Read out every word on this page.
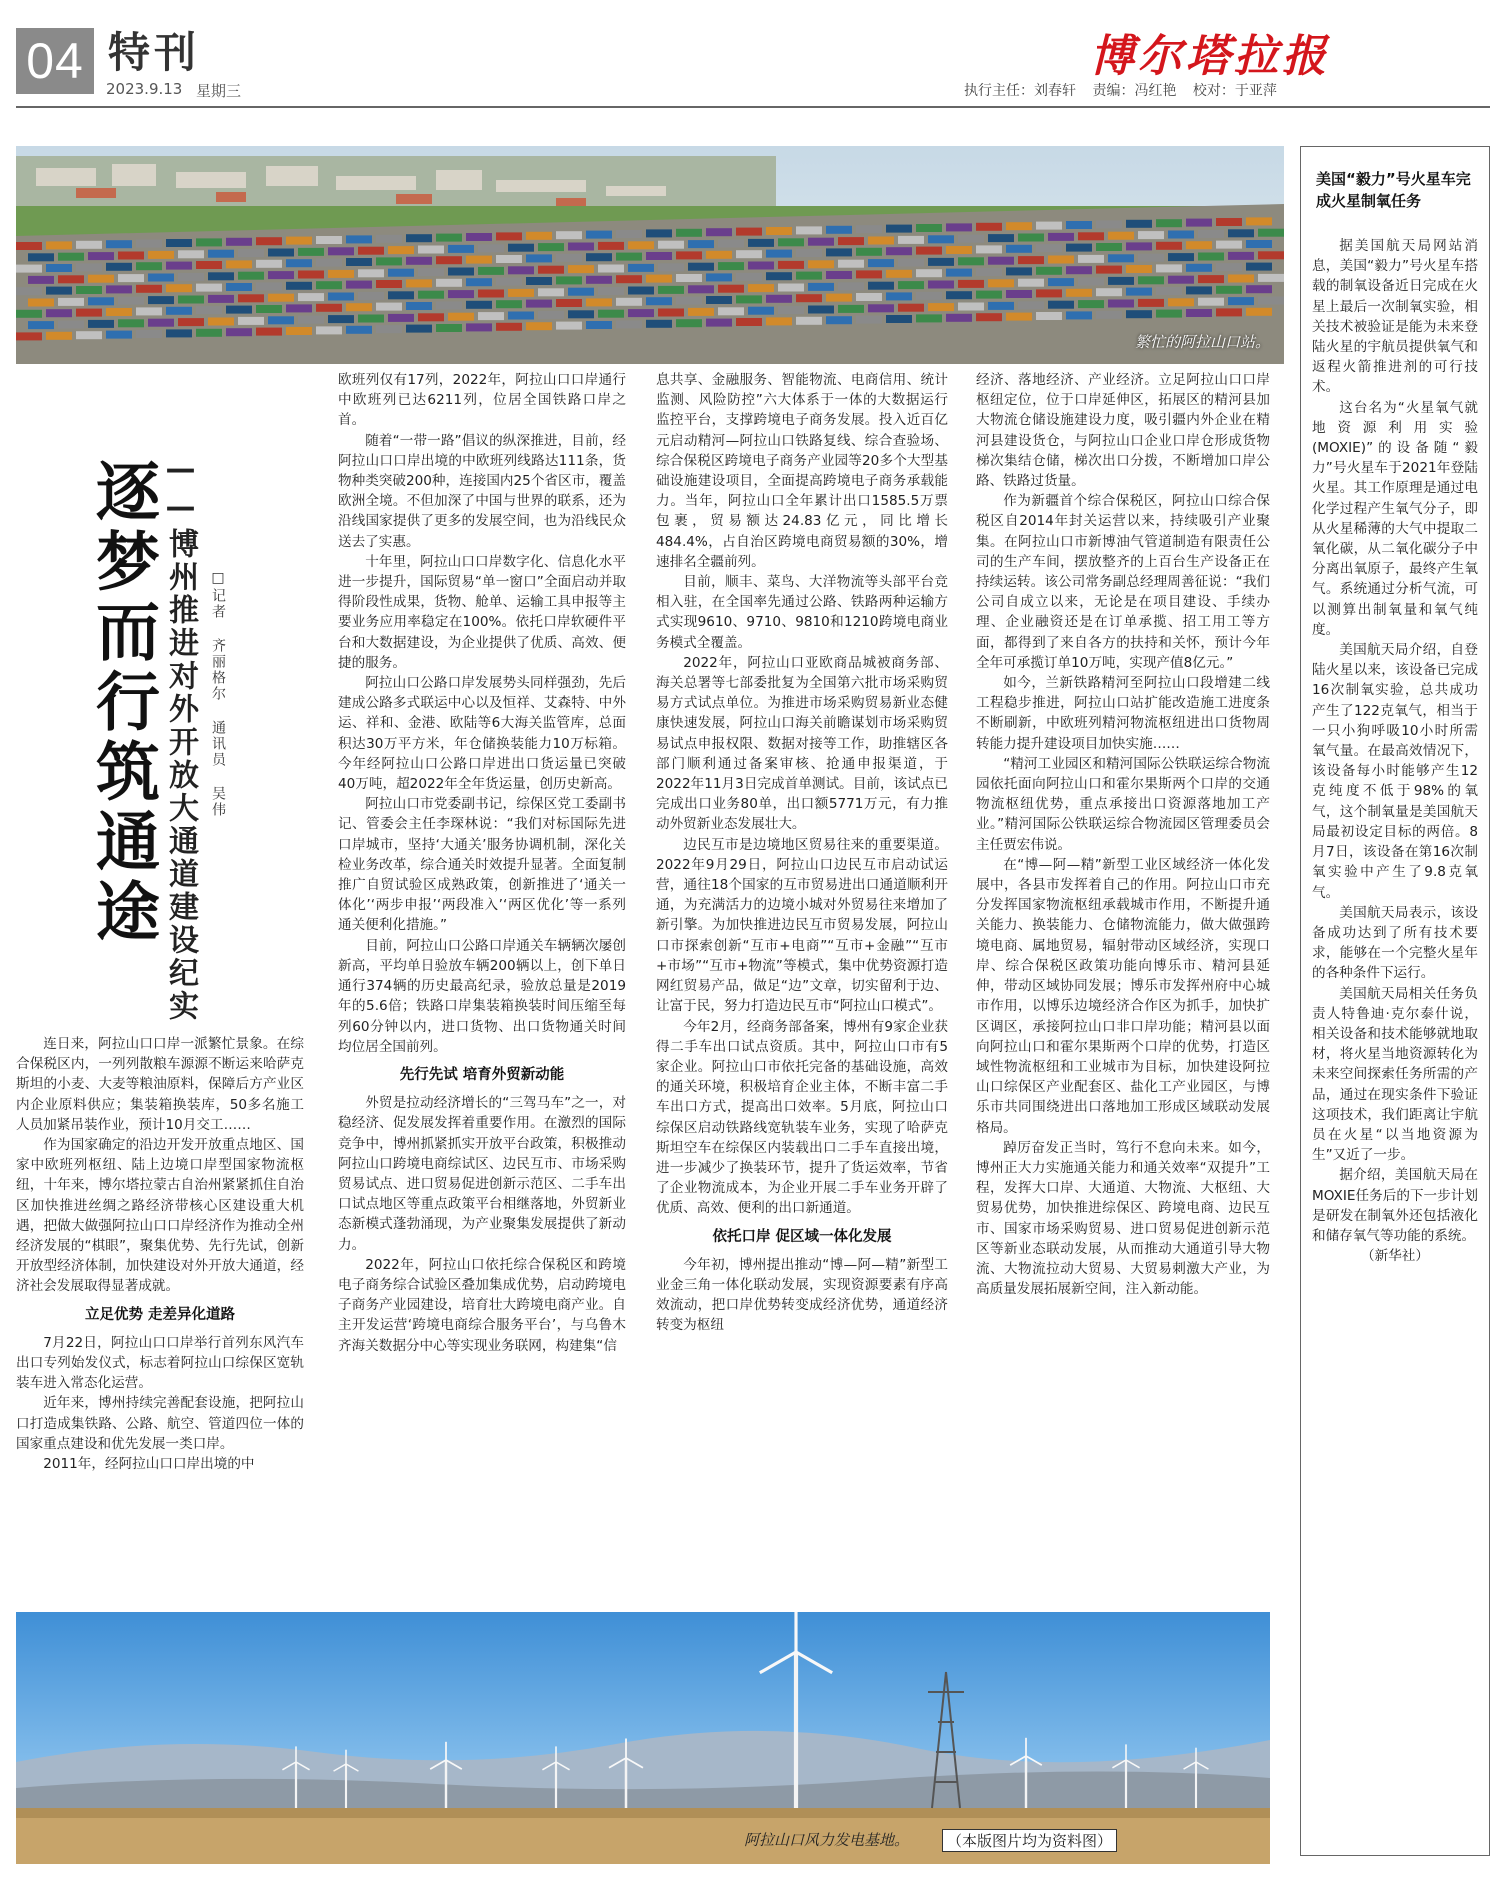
04 特刊
2023.9.13 星期三
博尔塔拉报
执行主任：刘春轩 责编：冯红艳 校对：于亚萍
繁忙的阿拉山口站。
逐梦而行筑通途 ——博州推进对外开放大通道建设纪实 □记者 齐丽格尔 通讯员 吴伟

连日来，阿拉山口口岸一派繁忙景象。在综合保税区内，一列列散粮车源源不断运来哈萨克斯坦的小麦、大麦等粮油原料，保障后方产业区内企业原料供应；集装箱换装库，50多名施工人员加紧吊装作业，预计10月交工……

作为国家确定的沿边开发开放重点地区、国家中欧班列枢纽、陆上边境口岸型国家物流枢纽，十年来，博尔塔拉蒙古自治州紧紧抓住自治区加快推进丝绸之路经济带核心区建设重大机遇，把做大做强阿拉山口口岸经济作为推动全州经济发展的“棋眼”，聚集优势、先行先试，创新开放型经济体制，加快建设对外开放大通道，经济社会发展取得显著成就。

立足优势 走差异化道路

7月22日，阿拉山口口岸举行首列东风汽车出口专列始发仪式，标志着阿拉山口综保区宽轨装车进入常态化运营。

近年来，博州持续完善配套设施，把阿拉山口打造成集铁路、公路、航空、管道四位一体的国家重点建设和优先发展一类口岸。

2011年，经阿拉山口口岸出境的中

欧班列仅有17列，2022年，阿拉山口口岸通行中欧班列已达6211列，位居全国铁路口岸之首。

随着“一带一路”倡议的纵深推进，目前，经阿拉山口口岸出境的中欧班列线路达111条，货物种类突破200种，连接国内25个省区市，覆盖欧洲全境。不但加深了中国与世界的联系，还为沿线国家提供了更多的发展空间，也为沿线民众送去了实惠。

十年里，阿拉山口口岸数字化、信息化水平进一步提升，国际贸易“单一窗口”全面启动并取得阶段性成果，货物、舱单、运输工具申报等主要业务应用率稳定在100%。依托口岸软硬件平台和大数据建设，为企业提供了优质、高效、便捷的服务。

阿拉山口公路口岸发展势头同样强劲，先后建成公路多式联运中心以及恒祥、艾森特、中外运、祥和、金港、欧陆等6大海关监管库，总面积达30万平方米，年仓储换装能力10万标箱。今年经阿拉山口公路口岸进出口货运量已突破40万吨，超2022年全年货运量，创历史新高。

阿拉山口市党委副书记，综保区党工委副书记、管委会主任李琛林说：“我们对标国际先进口岸城市，坚持‘大通关’服务协调机制，深化关检业务改革，综合通关时效提升显著。全面复制推广自贸试验区成熟政策，创新推进了‘通关一体化’‘两步申报’‘两段准入’‘两区优化’等一系列通关便利化措施。”

目前，阿拉山口公路口岸通关车辆辆次屡创新高，平均单日验放车辆200辆以上，创下单日通行374辆的历史最高纪录，验放总量是2019年的5.6倍；铁路口岸集装箱换装时间压缩至每列60分钟以内，进口货物、出口货物通关时间均位居全国前列。

先行先试 培育外贸新动能

外贸是拉动经济增长的“三驾马车”之一，对稳经济、促发展发挥着重要作用。在激烈的国际竞争中，博州抓紧抓实开放平台政策，积极推动阿拉山口跨境电商综试区、边民互市、市场采购贸易试点、进口贸易促进创新示范区、二手车出口试点地区等重点政策平台相继落地，外贸新业态新模式蓬勃涌现，为产业聚集发展提供了新动力。

2022年，阿拉山口依托综合保税区和跨境电子商务综合试验区叠加集成优势，启动跨境电子商务产业园建设，培育壮大跨境电商产业。自主开发运营‘跨境电商综合服务平台’，与乌鲁木齐海关数据分中心等实现业务联网，构建集“信

息共享、金融服务、智能物流、电商信用、统计监测、风险防控”六大体系于一体的大数据运行监控平台，支撑跨境电子商务发展。投入近百亿元启动精河—阿拉山口铁路复线、综合查验场、综合保税区跨境电子商务产业园等20多个大型基础设施建设项目，全面提高跨境电子商务承载能力。当年，阿拉山口全年累计出口1585.5万票包裹，贸易额达24.83亿元，同比增长484.4%，占自治区跨境电商贸易额的30%，增速排名全疆前列。

目前，顺丰、菜鸟、大洋物流等头部平台竞相入驻，在全国率先通过公路、铁路两种运输方式实现9610、9710、9810和1210跨境电商业务模式全覆盖。

2022年，阿拉山口亚欧商品城被商务部、海关总署等七部委批复为全国第六批市场采购贸易方式试点单位。为推进市场采购贸易新业态健康快速发展，阿拉山口海关前瞻谋划市场采购贸易试点申报权限、数据对接等工作，助推辖区各部门顺利通过备案审核、抢通申报渠道，于2022年11月3日完成首单测试。目前，该试点已完成出口业务80单，出口额5771万元，有力推动外贸新业态发展壮大。

边民互市是边境地区贸易往来的重要渠道。2022年9月29日，阿拉山口边民互市启动试运营，通往18个国家的互市贸易进出口通道顺利开通，为充满活力的边境小城对外贸易往来增加了新引擎。为加快推进边民互市贸易发展，阿拉山口市探索创新“互市+电商”“互市+金融”“互市+市场”“互市+物流”等模式，集中优势资源打造网红贸易产品，做足“边”文章，切实留利于边、让富于民，努力打造边民互市“阿拉山口模式”。

今年2月，经商务部备案，博州有9家企业获得二手车出口试点资质。其中，阿拉山口市有5家企业。阿拉山口市依托完备的基础设施，高效的通关环境，积极培育企业主体，不断丰富二手车出口方式，提高出口效率。5月底，阿拉山口综保区启动铁路线宽轨装车业务，实现了哈萨克斯坦空车在综保区内装载出口二手车直接出境，进一步减少了换装环节，提升了货运效率，节省了企业物流成本，为企业开展二手车业务开辟了优质、高效、便利的出口新通道。

依托口岸 促区域一体化发展

今年初，博州提出推动“博—阿—精”新型工业金三角一体化联动发展，实现资源要素有序高效流动，把口岸优势转变成经济优势，通道经济转变为枢纽

经济、落地经济、产业经济。立足阿拉山口口岸枢纽定位，位于口岸延伸区，拓展区的精河县加大物流仓储设施建设力度，吸引疆内外企业在精河县建设货仓，与阿拉山口企业口岸仓形成货物梯次集结仓储，梯次出口分拨，不断增加口岸公路、铁路过货量。

作为新疆首个综合保税区，阿拉山口综合保税区自2014年封关运营以来，持续吸引产业聚集。在阿拉山口市新博油气管道制造有限责任公司的生产车间，摆放整齐的上百台生产设备正在持续运转。该公司常务副总经理周善征说：“我们公司自成立以来，无论是在项目建设、手续办理、企业融资还是在订单承揽、招工用工等方面，都得到了来自各方的扶持和关怀，预计今年全年可承揽订单10万吨，实现产值8亿元。”

如今，兰新铁路精河至阿拉山口段增建二线工程稳步推进，阿拉山口站扩能改造施工进度条不断刷新，中欧班列精河物流枢纽进出口货物周转能力提升建设项目加快实施……

“精河工业园区和精河国际公铁联运综合物流园依托面向阿拉山口和霍尔果斯两个口岸的交通物流枢纽优势，重点承接出口资源落地加工产业。”精河国际公铁联运综合物流园区管理委员会主任贾宏伟说。

在“博—阿—精”新型工业区域经济一体化发展中，各县市发挥着自己的作用。阿拉山口市充分发挥国家物流枢纽承载城市作用，不断提升通关能力、换装能力、仓储物流能力，做大做强跨境电商、属地贸易，辐射带动区域经济，实现口岸、综合保税区政策功能向博乐市、精河县延伸，带动区域协同发展；博乐市发挥州府中心城市作用，以博乐边境经济合作区为抓手，加快扩区调区，承接阿拉山口非口岸功能；精河县以面向阿拉山口和霍尔果斯两个口岸的优势，打造区域性物流枢纽和工业城市为目标，加快建设阿拉山口综保区产业配套区、盐化工产业园区，与博乐市共同围绕进出口落地加工形成区域联动发展格局。

踔厉奋发正当时，笃行不怠向未来。如今，博州正大力实施通关能力和通关效率“双提升”工程，发挥大口岸、大通道、大物流、大枢纽、大贸易优势，加快推进综保区、跨境电商、边民互市、国家市场采购贸易、进口贸易促进创新示范区等新业态联动发展，从而推动大通道引导大物流、大物流拉动大贸易、大贸易刺激大产业，为高质量发展拓展新空间，注入新动能。

阿拉山口风力发电基地。	（本版图片均为资料图）
美国“毅力”号火星车完成火星制氧任务

据美国航天局网站消息，美国“毅力”号火星车搭载的制氧设备近日完成在火星上最后一次制氧实验，相关技术被验证是能为未来登陆火星的宇航员提供氧气和返程火箭推进剂的可行技术。

这台名为“火星氧气就地资源利用实验(MOXIE)”的设备随“毅力”号火星车于2021年登陆火星。其工作原理是通过电化学过程产生氧气分子，即从火星稀薄的大气中提取二氧化碳，从二氧化碳分子中分离出氧原子，最终产生氧气。系统通过分析气流，可以测算出制氧量和氧气纯度。

美国航天局介绍，自登陆火星以来，该设备已完成16次制氧实验，总共成功产生了122克氧气，相当于一只小狗呼吸10小时所需氧气量。在最高效情况下，该设备每小时能够产生12克纯度不低于98%的氧气，这个制氧量是美国航天局最初设定目标的两倍。8月7日，该设备在第16次制氧实验中产生了9.8克氧气。

美国航天局表示，该设备成功达到了所有技术要求，能够在一个完整火星年的各种条件下运行。

美国航天局相关任务负责人特鲁迪·克尔泰什说，相关设备和技术能够就地取材，将火星当地资源转化为未来空间探索任务所需的产品，通过在现实条件下验证这项技术，我们距离让宇航员在火星“以当地资源为生”又近了一步。

据介绍，美国航天局在MOXIE任务后的下一步计划是研发在制氧外还包括液化和储存氧气等功能的系统。

（新华社）
